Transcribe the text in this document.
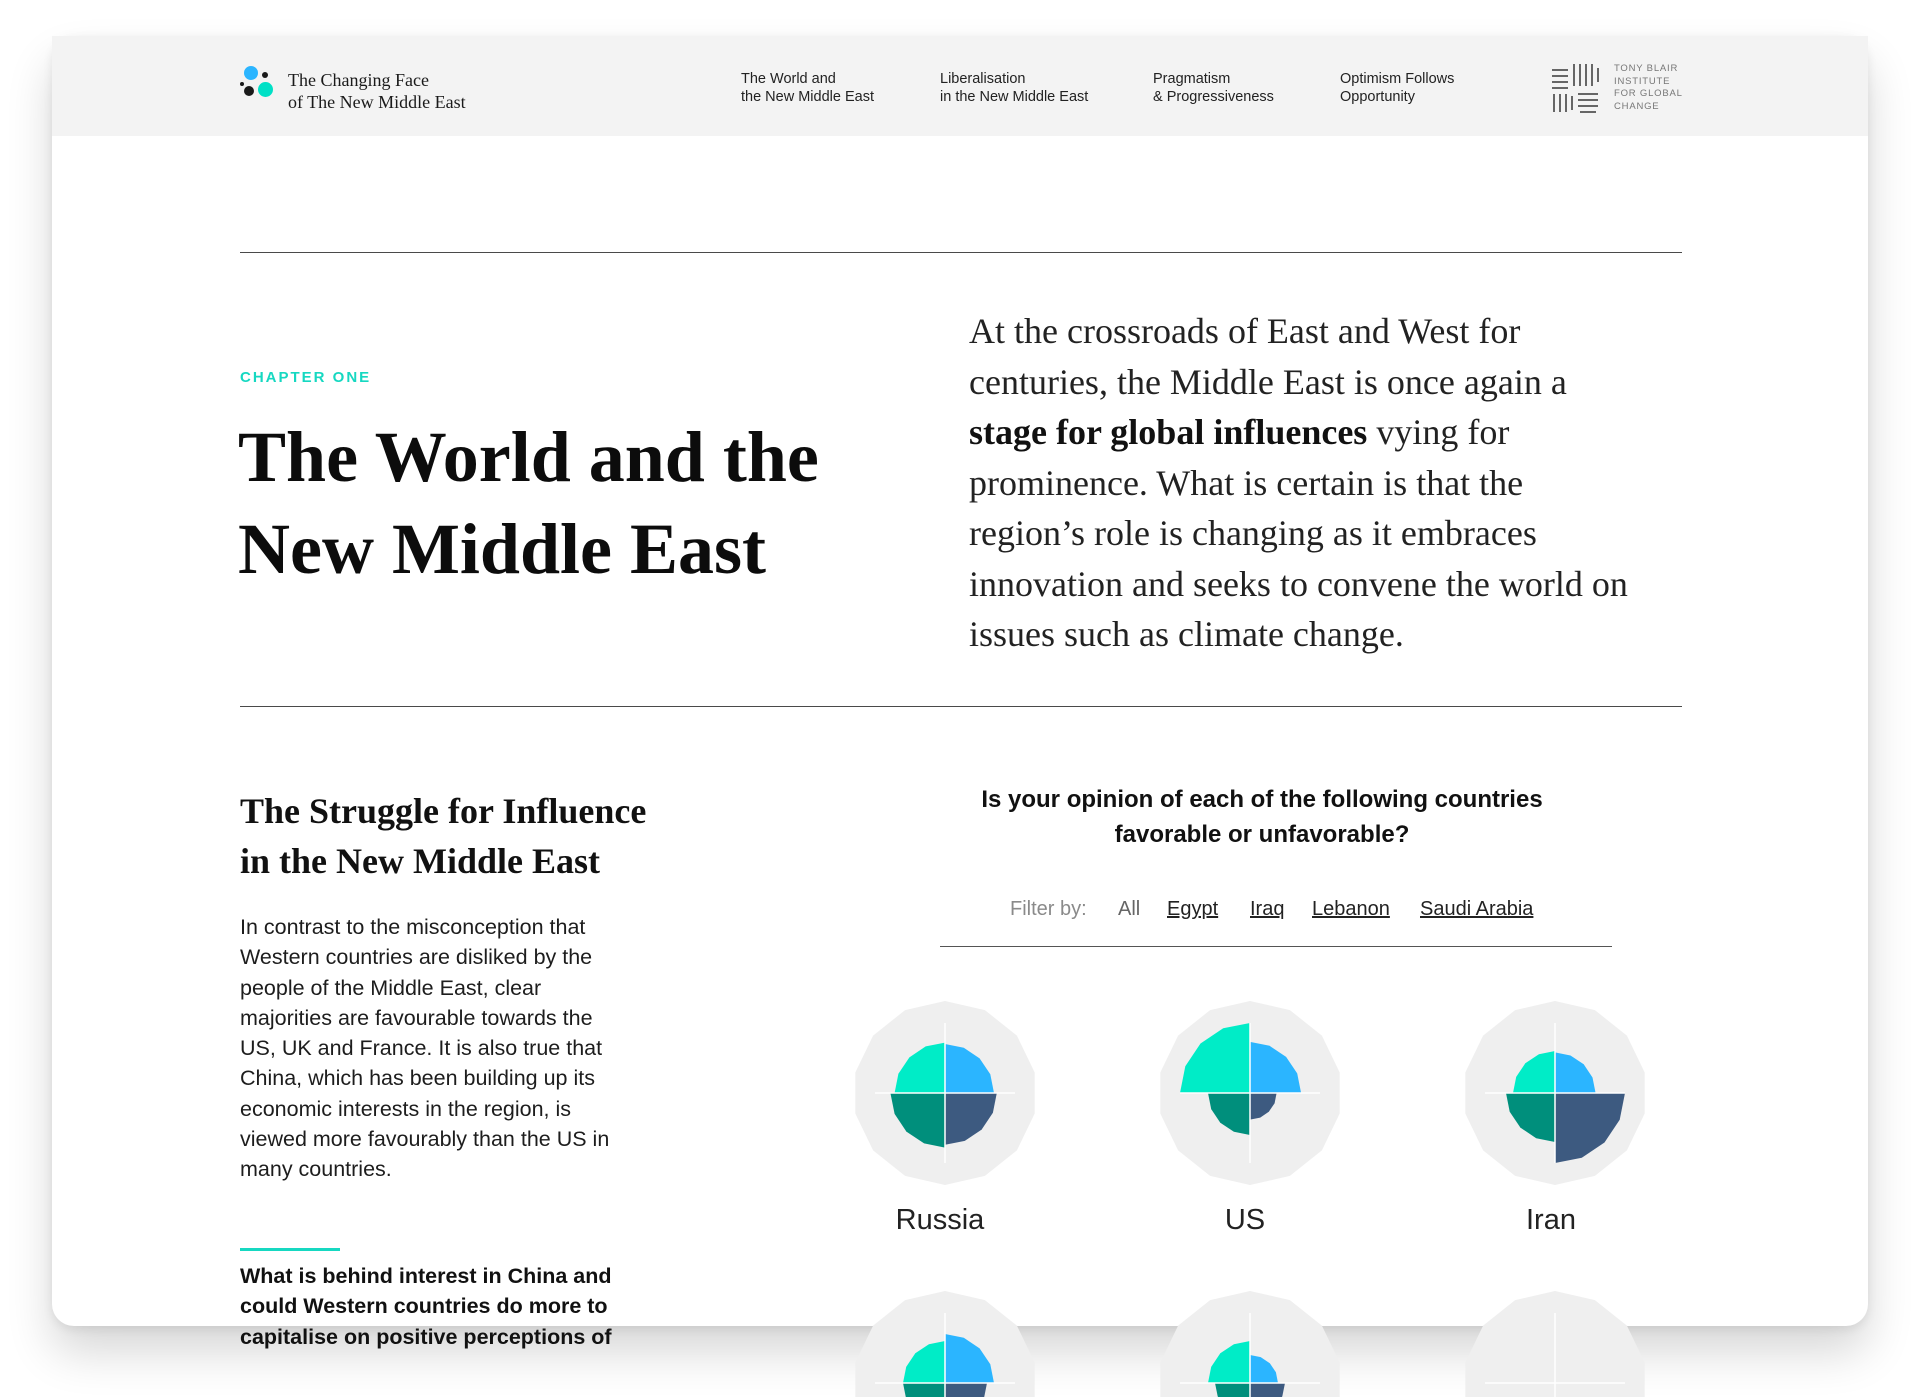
The Changing Face
of The New Middle East
The World and
the New Middle East
Liberalisation
in the New Middle East
Pragmatism
& Progressiveness
Optimism Follows
Opportunity
TONY BLAIR
INSTITUTE
FOR GLOBAL
CHANGE
CHAPTER ONE
The World and the
New Middle East

At the crossroads of East and West for
centuries, the Middle East is once again a
stage for global influences vying for
prominence. What is certain is that the
region’s role is changing as it embraces
innovation and seeks to convene the world on
issues such as climate change.

The Struggle for Influence
in the New Middle East

In contrast to the misconception that
Western countries are disliked by the
people of the Middle East, clear
majorities are favourable towards the
US, UK and France. It is also true that
China, which has been building up its
economic interests in the region, is
viewed more favourably than the US in
many countries.

What is behind interest in China and
could Western countries do more to
capitalise on positive perceptions of

Is your opinion of each of the following countries
favorable or unfavorable?
Filter by: All Egypt Iraq Lebanon Saudi Arabia
Russia	US	Iran
